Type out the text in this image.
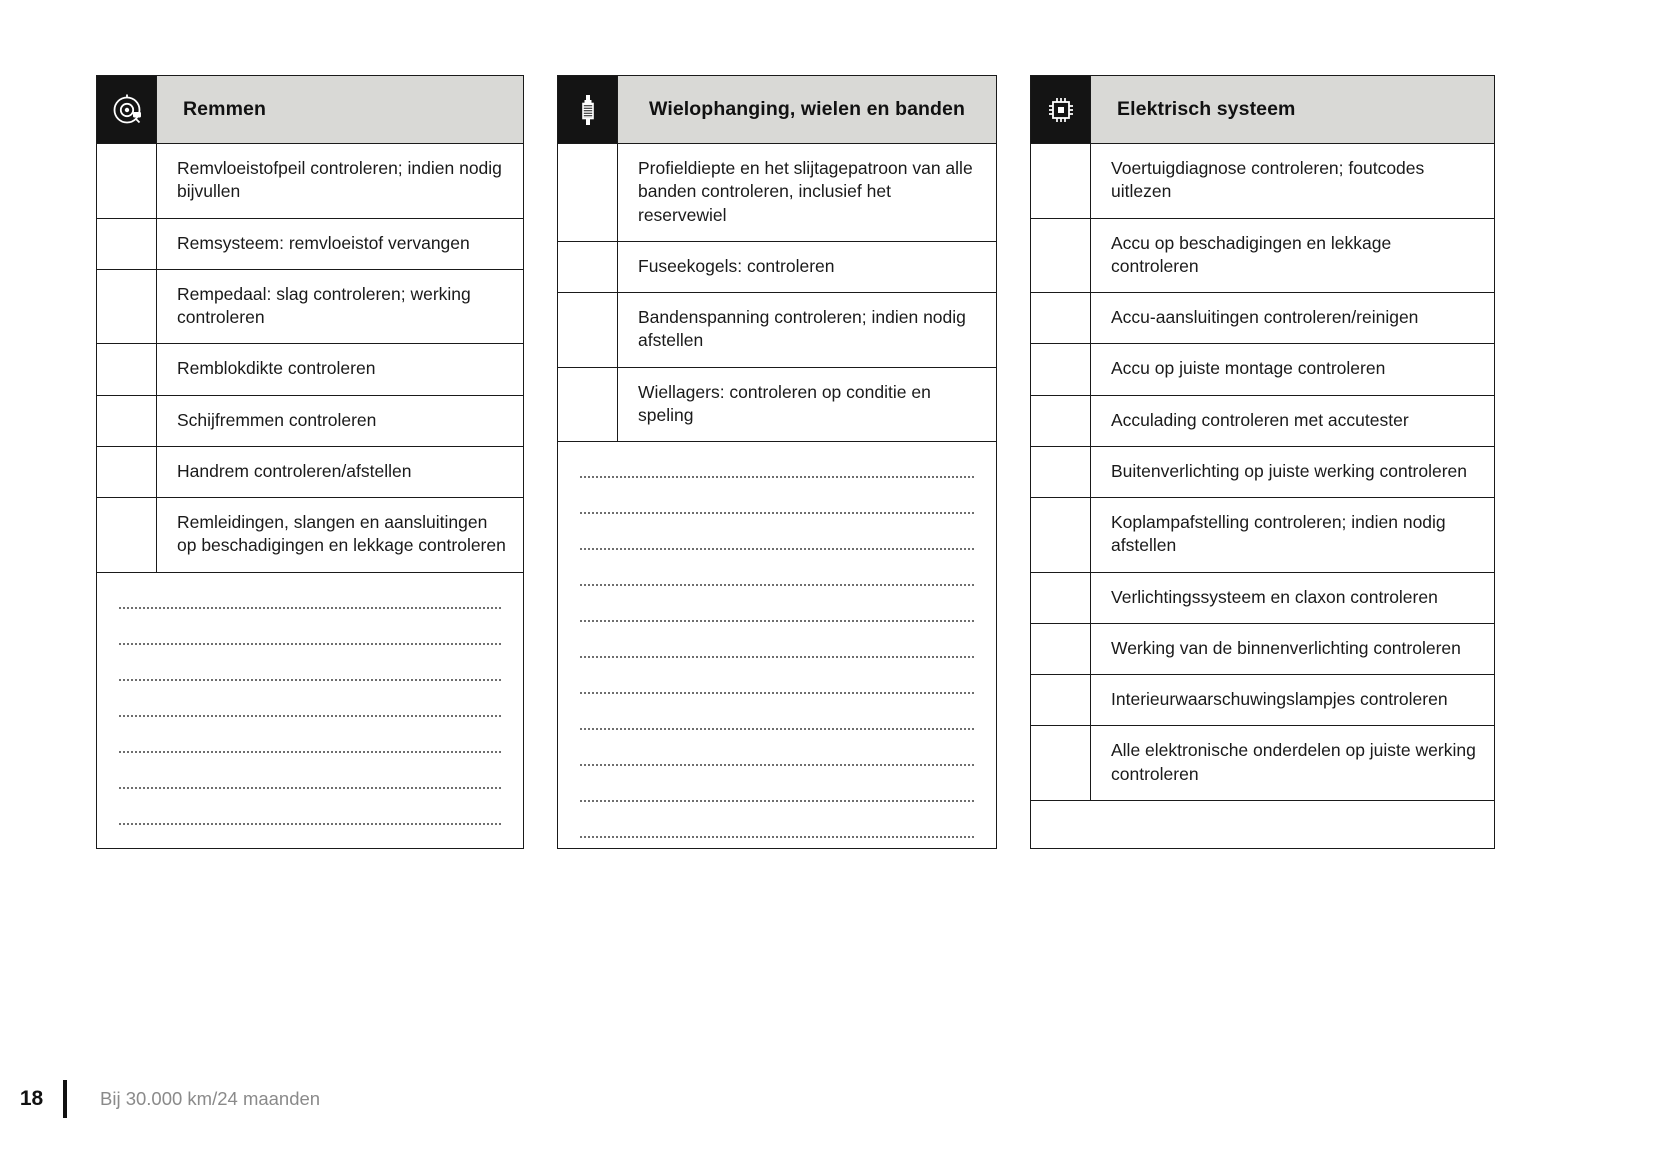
Remmen
Remvloeistofpeil controleren; indien nodig bijvullen
Remsysteem: remvloeistof vervangen
Rempedaal: slag controleren; werking controleren
Remblokdikte controleren
Schijfremmen controleren
Handrem controleren/afstellen
Remleidingen, slangen en aansluitingen op beschadigingen en lekkage controleren
Wielophanging, wielen en banden
Profieldiepte en het slijtagepatroon van alle banden controleren, inclusief het reservewiel
Fuseekogels: controleren
Bandenspanning controleren; indien nodig afstellen
Wiellagers: controleren op conditie en speling
Elektrisch systeem
Voertuigdiagnose controleren; foutcodes uitlezen
Accu op beschadigingen en lekkage controleren
Accu-aansluitingen controleren/reinigen
Accu op juiste montage controleren
Acculading controleren met accutester
Buitenverlichting op juiste werking controleren
Koplampafstelling controleren; indien nodig afstellen
Verlichtingssysteem en claxon controleren
Werking van de binnenverlichting controleren
Interieurwaarschuwingslampjes controleren
Alle elektronische onderdelen op juiste werking controleren
18	Bij 30.000 km/24 maanden
